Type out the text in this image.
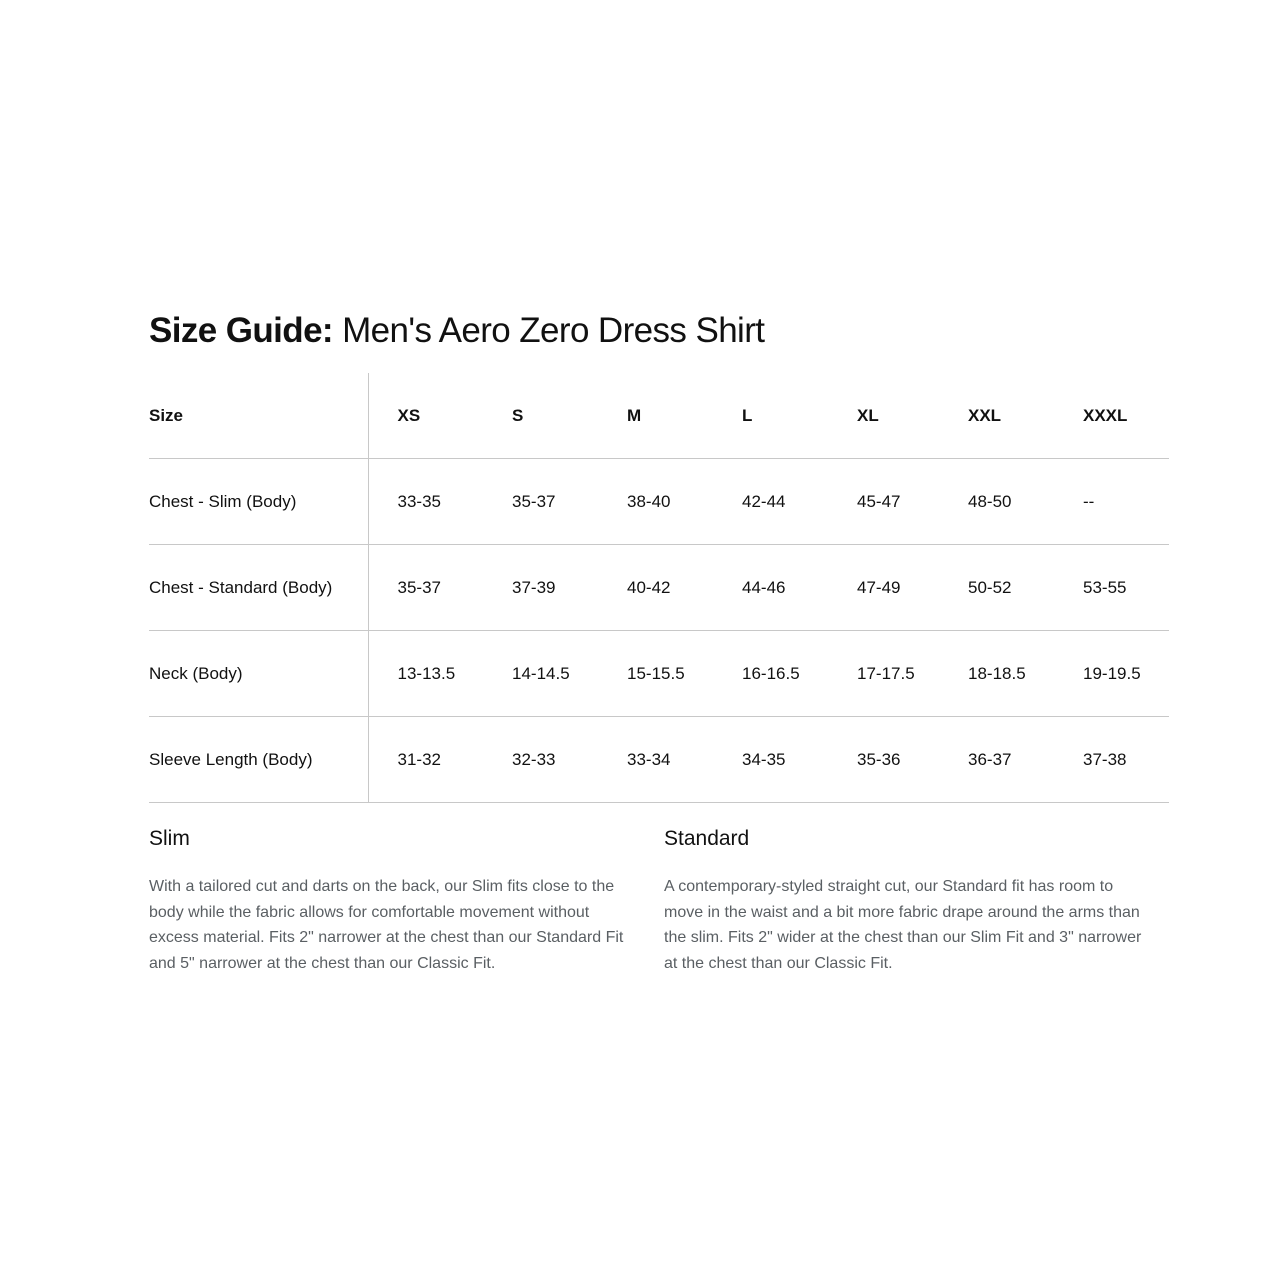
Size Guide: Men's Aero Zero Dress Shirt
Size	XS	S	M	L	XL	XXL	XXXL
Chest - Slim (Body)	33-35	35-37	38-40	42-44	45-47	48-50	--
Chest - Standard (Body)	35-37	37-39	40-42	44-46	47-49	50-52	53-55
Neck (Body)	13-13.5	14-14.5	15-15.5	16-16.5	17-17.5	18-18.5	19-19.5
Sleeve Length (Body)	31-32	32-33	33-34	34-35	35-36	36-37	37-38
Slim

With a tailored cut and darts on the back, our Slim fits close to the body while the fabric allows for comfortable movement without excess material. Fits 2" narrower at the chest than our Standard Fit and 5" narrower at the chest than our Classic Fit.

Standard

A contemporary-styled straight cut, our Standard fit has room to move in the waist and a bit more fabric drape around the arms than the slim. Fits 2" wider at the chest than our Slim Fit and 3" narrower at the chest than our Classic Fit.
